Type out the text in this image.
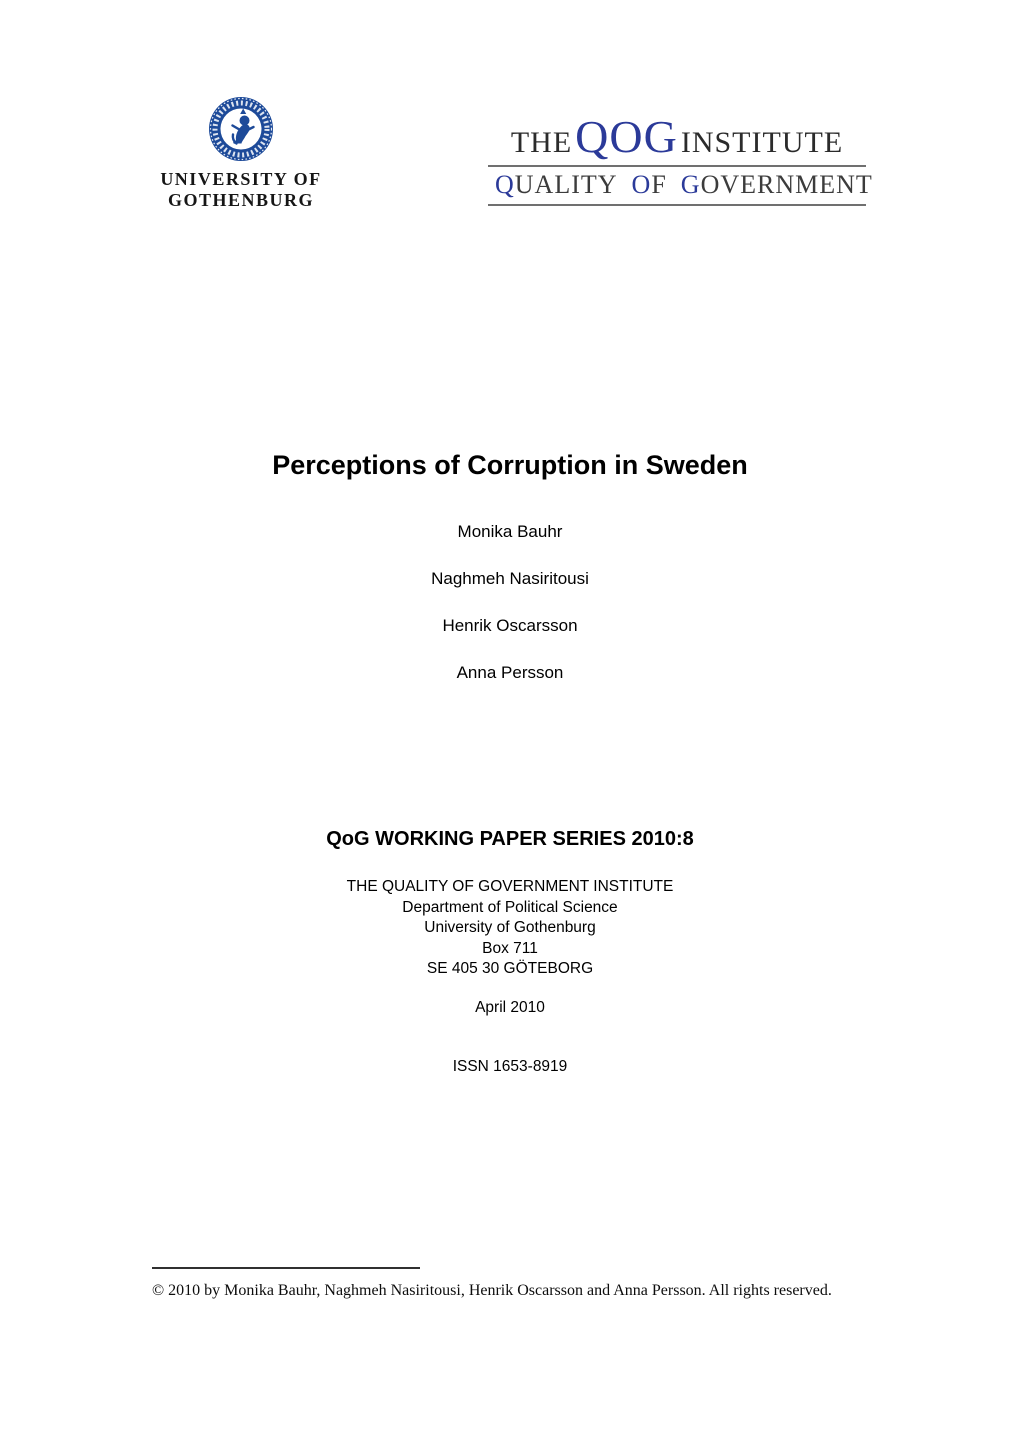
UNIVERSITY OF
GOTHENBURG
THE QOG INSTITUTE
QUALITY OF GOVERNMENT
Perceptions of Corruption in Sweden

Monika Bauhr

Naghmeh Nasiritousi

Henrik Oscarsson

Anna Persson

QoG WORKING PAPER SERIES 2010:8

THE QUALITY OF GOVERNMENT INSTITUTE

Department of Political Science

University of Gothenburg

Box 711

SE 405 30 GÖTEBORG

April 2010

ISSN 1653-8919

© 2010 by Monika Bauhr, Naghmeh Nasiritousi, Henrik Oscarsson and Anna Persson. All rights reserved.
